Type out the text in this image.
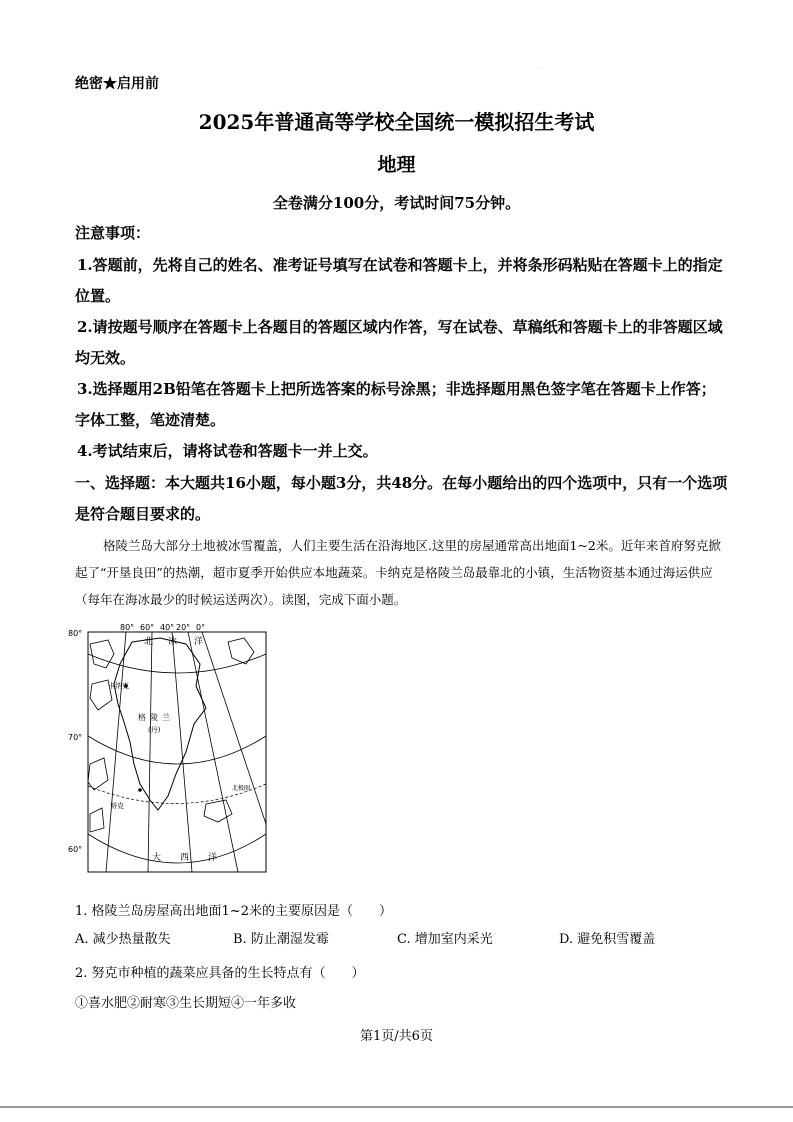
·
绝密★启用前
2025年普通高等学校全国统一模拟招生考试
地理
全卷满分100分，考试时间75分钟。
注意事项：

1.答题前，先将自己的姓名、准考证号填写在试卷和答题卡上，并将条形码粘贴在答题卡上的指定位置。

2.请按题号顺序在答题卡上各题目的答题区域内作答，写在试卷、草稿纸和答题卡上的非答题区域均无效。

3.选择题用2B铅笔在答题卡上把所选答案的标号涂黑；非选择题用黑色签字笔在答题卡上作答；字体工整，笔迹清楚。

4.考试结束后，请将试卷和答题卡一并上交。

一、选择题：本大题共16小题，每小题3分，共48分。在每小题给出的四个选项中，只有一个选项是符合题目要求的。
格陵兰岛大部分土地被冰雪覆盖，人们主要生活在沿海地区.这里的房屋通常高出地面1~2米。近年来首府努克掀起了“开垦良田”的热潮，超市夏季开始供应本地蔬菜。卡纳克是格陵兰岛最靠北的小镇，生活物资基本通过海运供应（每年在海冰最少的时候运送两次）。读图，完成下面小题。
80°
70°
60°
80° 60° 40° 20° 0°
北 冰 洋
卡纳克
格 陵 兰
(丹)
北极圈
努克
大 西 洋
1. 格陵兰岛房屋高出地面1~2米的主要原因是（　　）
A. 减少热量散失	B. 防止潮湿发霉	C. 增加室内采光	D. 避免积雪覆盖
2. 努克市种植的蔬菜应具备的生长特点有（　　）
①喜水肥②耐寒③生长期短④一年多收
第1页/共6页
